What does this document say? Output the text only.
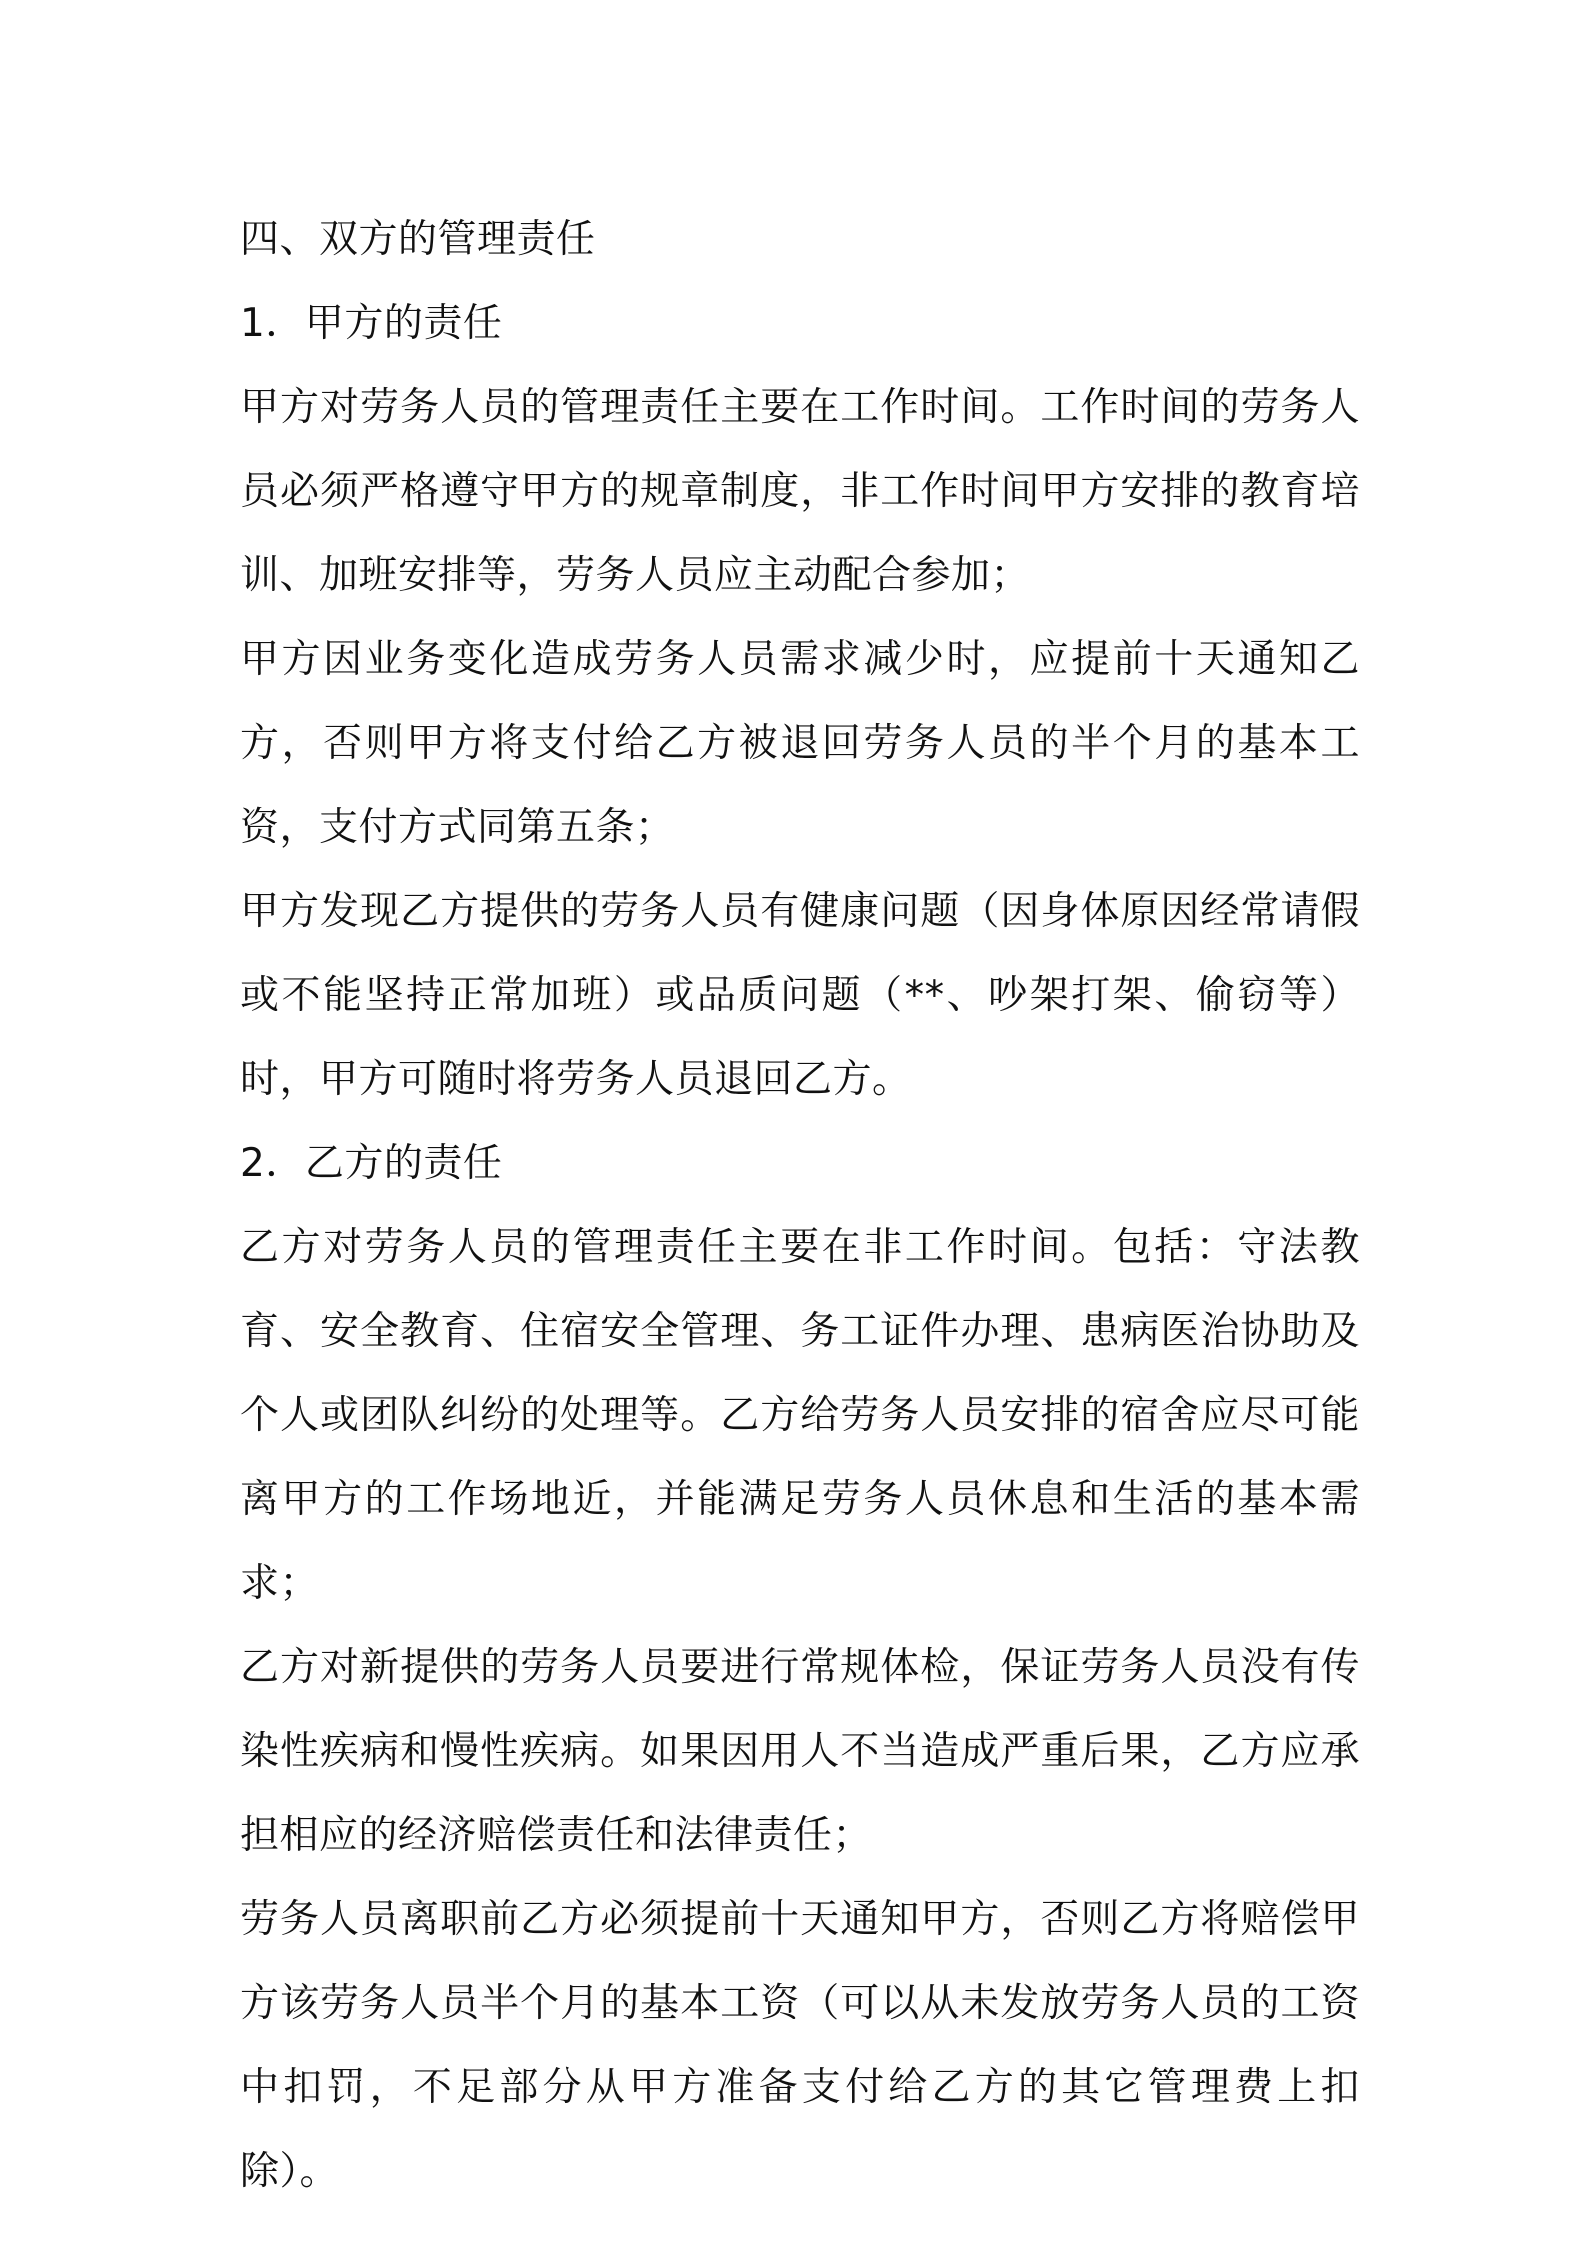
四、双方的管理责任

1．甲方的责任

甲方对劳务人员的管理责任主要在工作时间。工作时间的劳务人员必须严格遵守甲方的规章制度，非工作时间甲方安排的教育培训、加班安排等，劳务人员应主动配合参加；

甲方因业务变化造成劳务人员需求减少时，应提前十天通知乙方，否则甲方将支付给乙方被退回劳务人员的半个月的基本工资，支付方式同第五条；

甲方发现乙方提供的劳务人员有健康问题（因身体原因经常请假或不能坚持正常加班）或品质问题（**、吵架打架、偷窃等）时，甲方可随时将劳务人员退回乙方。

2．乙方的责任

乙方对劳务人员的管理责任主要在非工作时间。包括：守法教育、安全教育、住宿安全管理、务工证件办理、患病医治协助及个人或团队纠纷的处理等。乙方给劳务人员安排的宿舍应尽可能离甲方的工作场地近，并能满足劳务人员休息和生活的基本需求；

乙方对新提供的劳务人员要进行常规体检，保证劳务人员没有传染性疾病和慢性疾病。如果因用人不当造成严重后果，乙方应承担相应的经济赔偿责任和法律责任；

劳务人员离职前乙方必须提前十天通知甲方，否则乙方将赔偿甲方该劳务人员半个月的基本工资（可以从未发放劳务人员的工资中扣罚，不足部分从甲方准备支付给乙方的其它管理费上扣除）。
